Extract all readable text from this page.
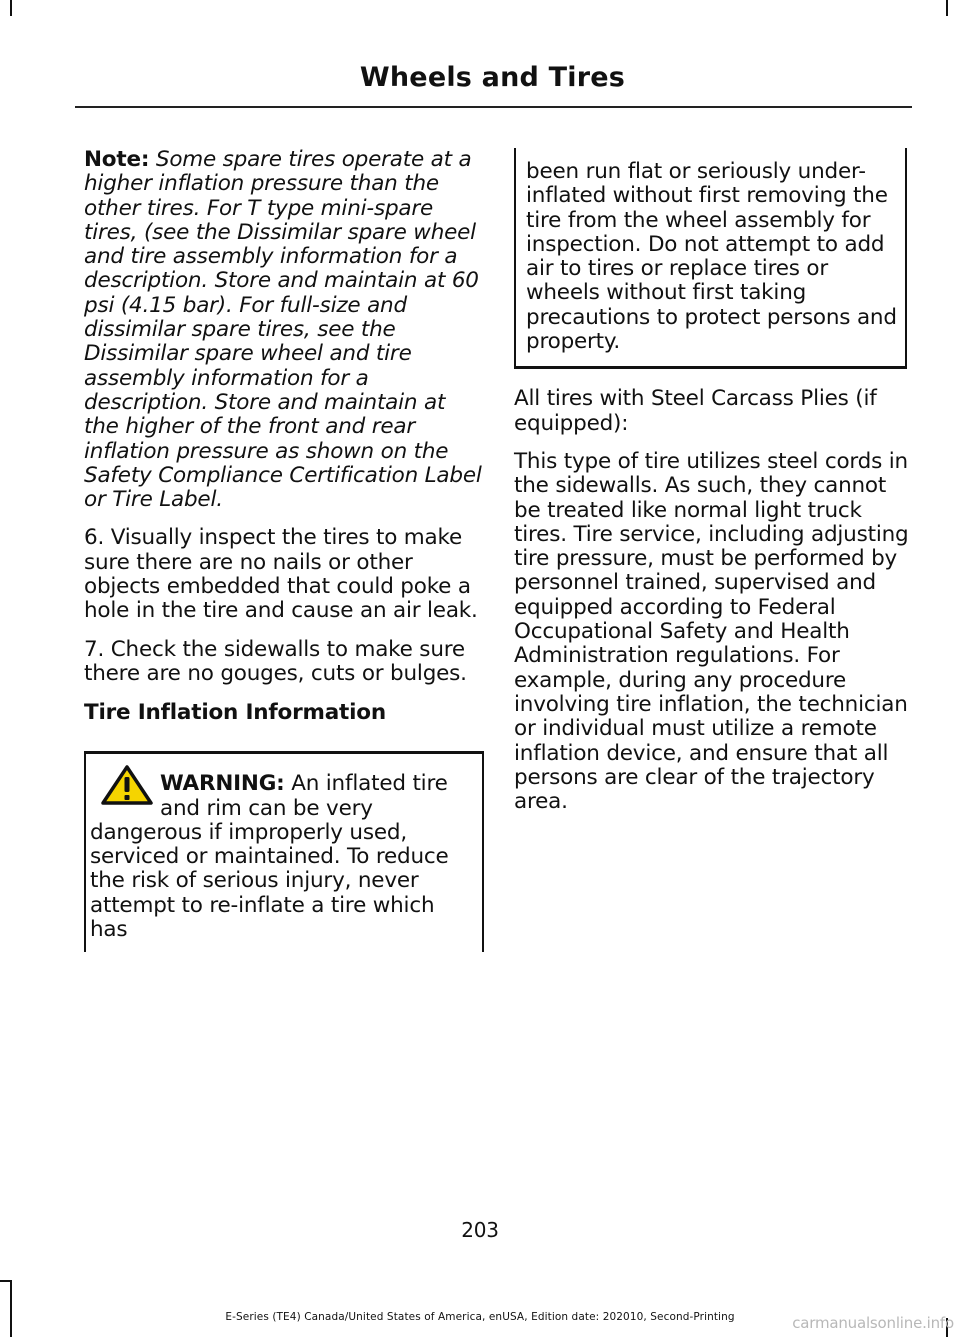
Wheels and Tires

Note: Some spare tires operate at a higher inflation pressure than the other tires. For T type mini-spare tires, (see the Dissimilar spare wheel and tire assembly information for a description. Store and maintain at 60 psi (4.15 bar). For full-size and dissimilar spare tires, see the Dissimilar spare wheel and tire assembly information for a description. Store and maintain at the higher of the front and rear inflation pressure as shown on the Safety Compliance Certification Label or Tire Label.

6. Visually inspect the tires to make sure there are no nails or other objects embedded that could poke a hole in the tire and cause an air leak.

7. Check the sidewalls to make sure there are no gouges, cuts or bulges.

Tire Inflation Information

WARNING: An inflated tire and rim can be very dangerous if improperly used, serviced or maintained. To reduce the risk of serious injury, never attempt to re-inflate a tire which has

been run flat or seriously under-inflated without first removing the tire from the wheel assembly for inspection. Do not attempt to add air to tires or replace tires or wheels without first taking precautions to protect persons and property.

All tires with Steel Carcass Plies (if equipped):

This type of tire utilizes steel cords in the sidewalls. As such, they cannot be treated like normal light truck tires. Tire service, including adjusting tire pressure, must be performed by personnel trained, supervised and equipped according to Federal Occupational Safety and Health Administration regulations. For example, during any procedure involving tire inflation, the technician or individual must utilize a remote inflation device, and ensure that all persons are clear of the trajectory area.

203

E-Series (TE4) Canada/United States of America, enUSA, Edition date: 202010, Second-Printing	carmanualsonline.info
